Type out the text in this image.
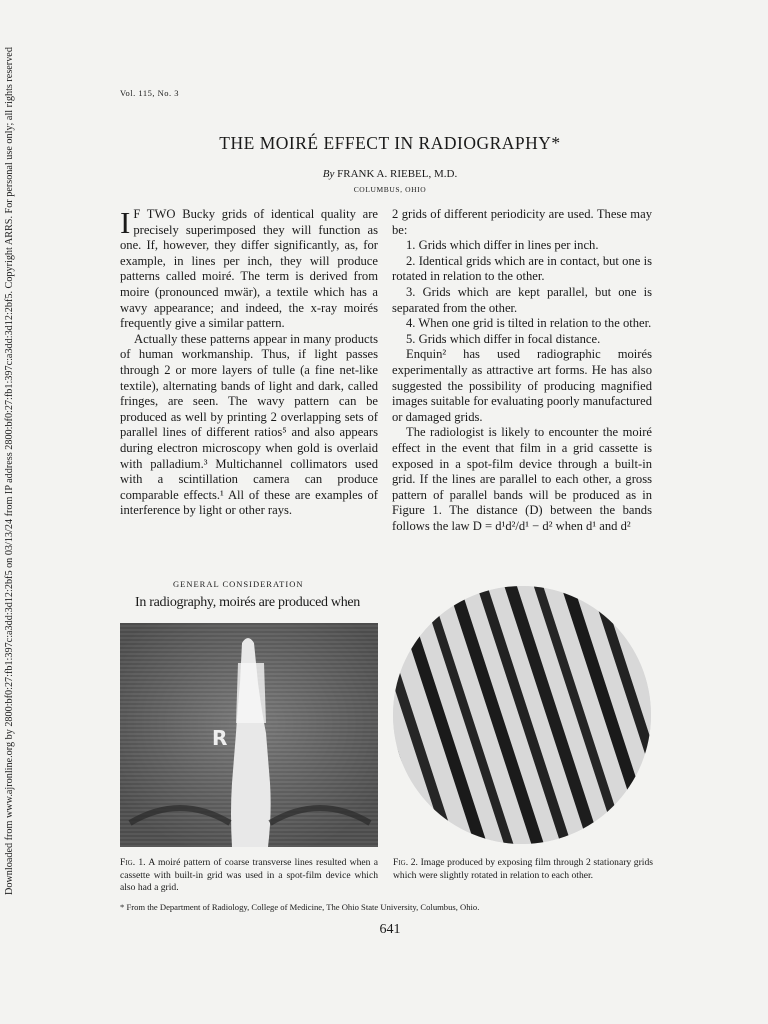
Downloaded from www.ajronline.org by 2800:bf0:27:fb1:397c:a3dd:3d12:2bf5 on 03/13/24 from IP address 2800:bf0:27:fb1:397c:a3dd:3d12:2bf5. Copyright ARRS. For personal use only; all rights reserved	Vol. 115, No. 3
THE MOIRÉ EFFECT IN RADIOGRAPHY*
By FRANK A. RIEBEL, M.D.
COLUMBUS, OHIO

I F TWO Bucky grids of identical quality are precisely superimposed they will function as one. If, however, they differ significantly, as, for example, in lines per inch, they will produce patterns called moiré. The term is derived from moire (pronounced mwär), a textile which has a wavy appearance; and indeed, the x-ray moirés frequently give a similar pattern.

Actually these patterns appear in many products of human workmanship. Thus, if light passes through 2 or more layers of tulle (a fine net-like textile), alternating bands of light and dark, called fringes, are seen. The wavy pattern can be produced as well by printing 2 overlapping sets of parallel lines of different ratios⁵ and also appears during electron microscopy when gold is overlaid with palladium.³ Multichannel collimators used with a scintillation camera can produce comparable effects.¹ All of these are examples of interference by light or other rays.

2 grids of different periodicity are used. These may be:

1. Grids which differ in lines per inch.

2. Identical grids which are in contact, but one is rotated in relation to the other.

3. Grids which are kept parallel, but one is separated from the other.

4. When one grid is tilted in relation to the other.

5. Grids which differ in focal distance.

Enquin² has used radiographic moirés experimentally as attractive art forms. He has also suggested the possibility of producing magnified images suitable for evaluating poorly manufactured or damaged grids.

The radiologist is likely to encounter the moiré effect in the event that film in a grid cassette is exposed in a spot-film device through a built-in grid. If the lines are parallel to each other, a gross pattern of parallel bands will be produced as in Figure 1. The distance (D) between the bands follows the law D = d¹d²/d¹ − d² when d¹ and d²

GENERAL CONSIDERATION
In radiography, moirés are produced when
R
Fig. 1. A moiré pattern of coarse transverse lines resulted when a cassette with built-in grid was used in a spot-film device which also had a grid.
Fig. 2. Image produced by exposing film through 2 stationary grids which were slightly rotated in relation to each other.
* From the Department of Radiology, College of Medicine, The Ohio State University, Columbus, Ohio.
641
